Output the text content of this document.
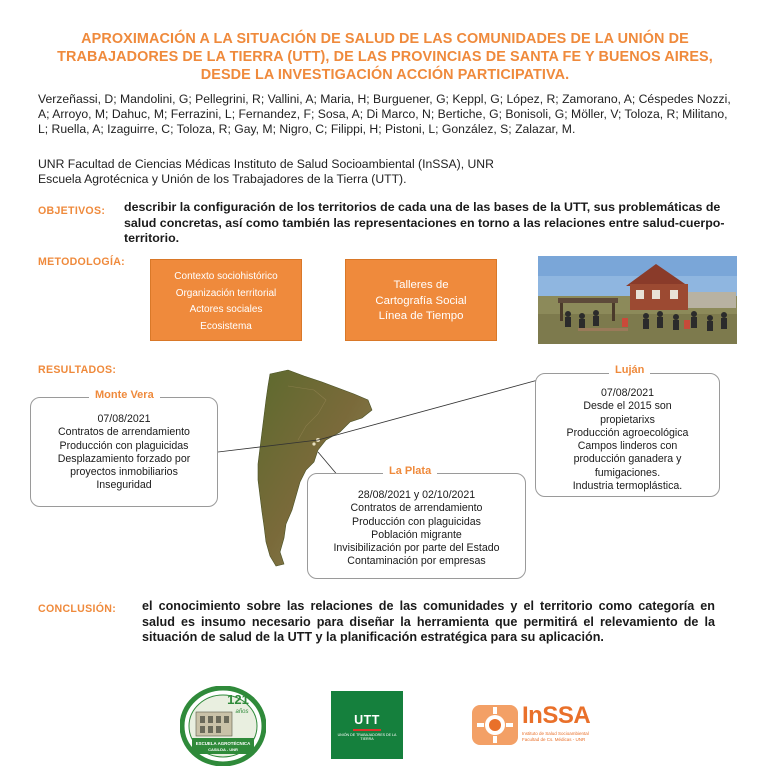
APROXIMACIÓN A LA SITUACIÓN DE SALUD DE LAS COMUNIDADES DE LA UNIÓN DE TRABAJADORES DE LA TIERRA (UTT), DE LAS PROVINCIAS DE SANTA FE Y BUENOS AIRES, DESDE LA INVESTIGACIÓN ACCIÓN PARTICIPATIVA.
Verzeñassi, D; Mandolini, G; Pellegrini, R; Vallini, A; Maria, H; Burguener, G; Keppl, G; López, R; Zamorano, A; Céspedes Nozzi, A; Arroyo, M; Dahuc, M; Ferrazini, L; Fernandez, F; Sosa, A; Di Marco, N; Bertiche, G; Bonisoli, G; Möller, V; Toloza, R; Militano, L; Ruella, A; Izaguirre, C; Toloza, R; Gay, M; Nigro, C; Filippi, H; Pistoni, L; González, S; Zalazar, M.
UNR Facultad de Ciencias Médicas Instituto de Salud Socioambiental (InSSA), UNR
Escuela Agrotécnica y Unión de los Trabajadores de la Tierra (UTT).
OBJETIVOS: describir la configuración de los territorios de cada una de las bases de la UTT, sus problemáticas de salud concretas, así como también las representaciones en torno a las relaciones entre salud-cuerpo-territorio.
METODOLOGÍA:
Contexto sociohistórico
Organización territorial
Actores sociales
Ecosistema
Talleres de
Cartografía Social
Línea de Tiempo
RESULTADOS:
07/08/2021
Contratos de arrendamiento
Producción con plaguicidas
Desplazamiento forzado por
proyectos inmobiliarios
Inseguridad
Monte Vera	07/08/2021
Desde el 2015 son
propietarixs
Producción agroecológica
Campos linderos con
producción ganadera y
fumigaciones.
Industria termoplástica.
Luján
28/08/2021 y 02/10/2021
Contratos de arrendamiento
Producción con plaguicidas
Población migrante
Invisibilización por parte del Estado
Contaminación por empresas
La Plata
CONCLUSIÓN: el conocimiento sobre las relaciones de las comunidades y el territorio como categoría en salud es insumo necesario para diseñar la herramienta que permitirá el relevamiento de la situación de salud de la UTT y la planificación estratégica para su aplicación.
121
años
ESCUELA AGROTÉCNICA
CASILDA - UNR
UTT
UNIÓN DE TRABAJADORES DE LA TIERRA
InSSA
Instituto de Salud Socioambiental Facultad de Cs. Médicas - UNR
